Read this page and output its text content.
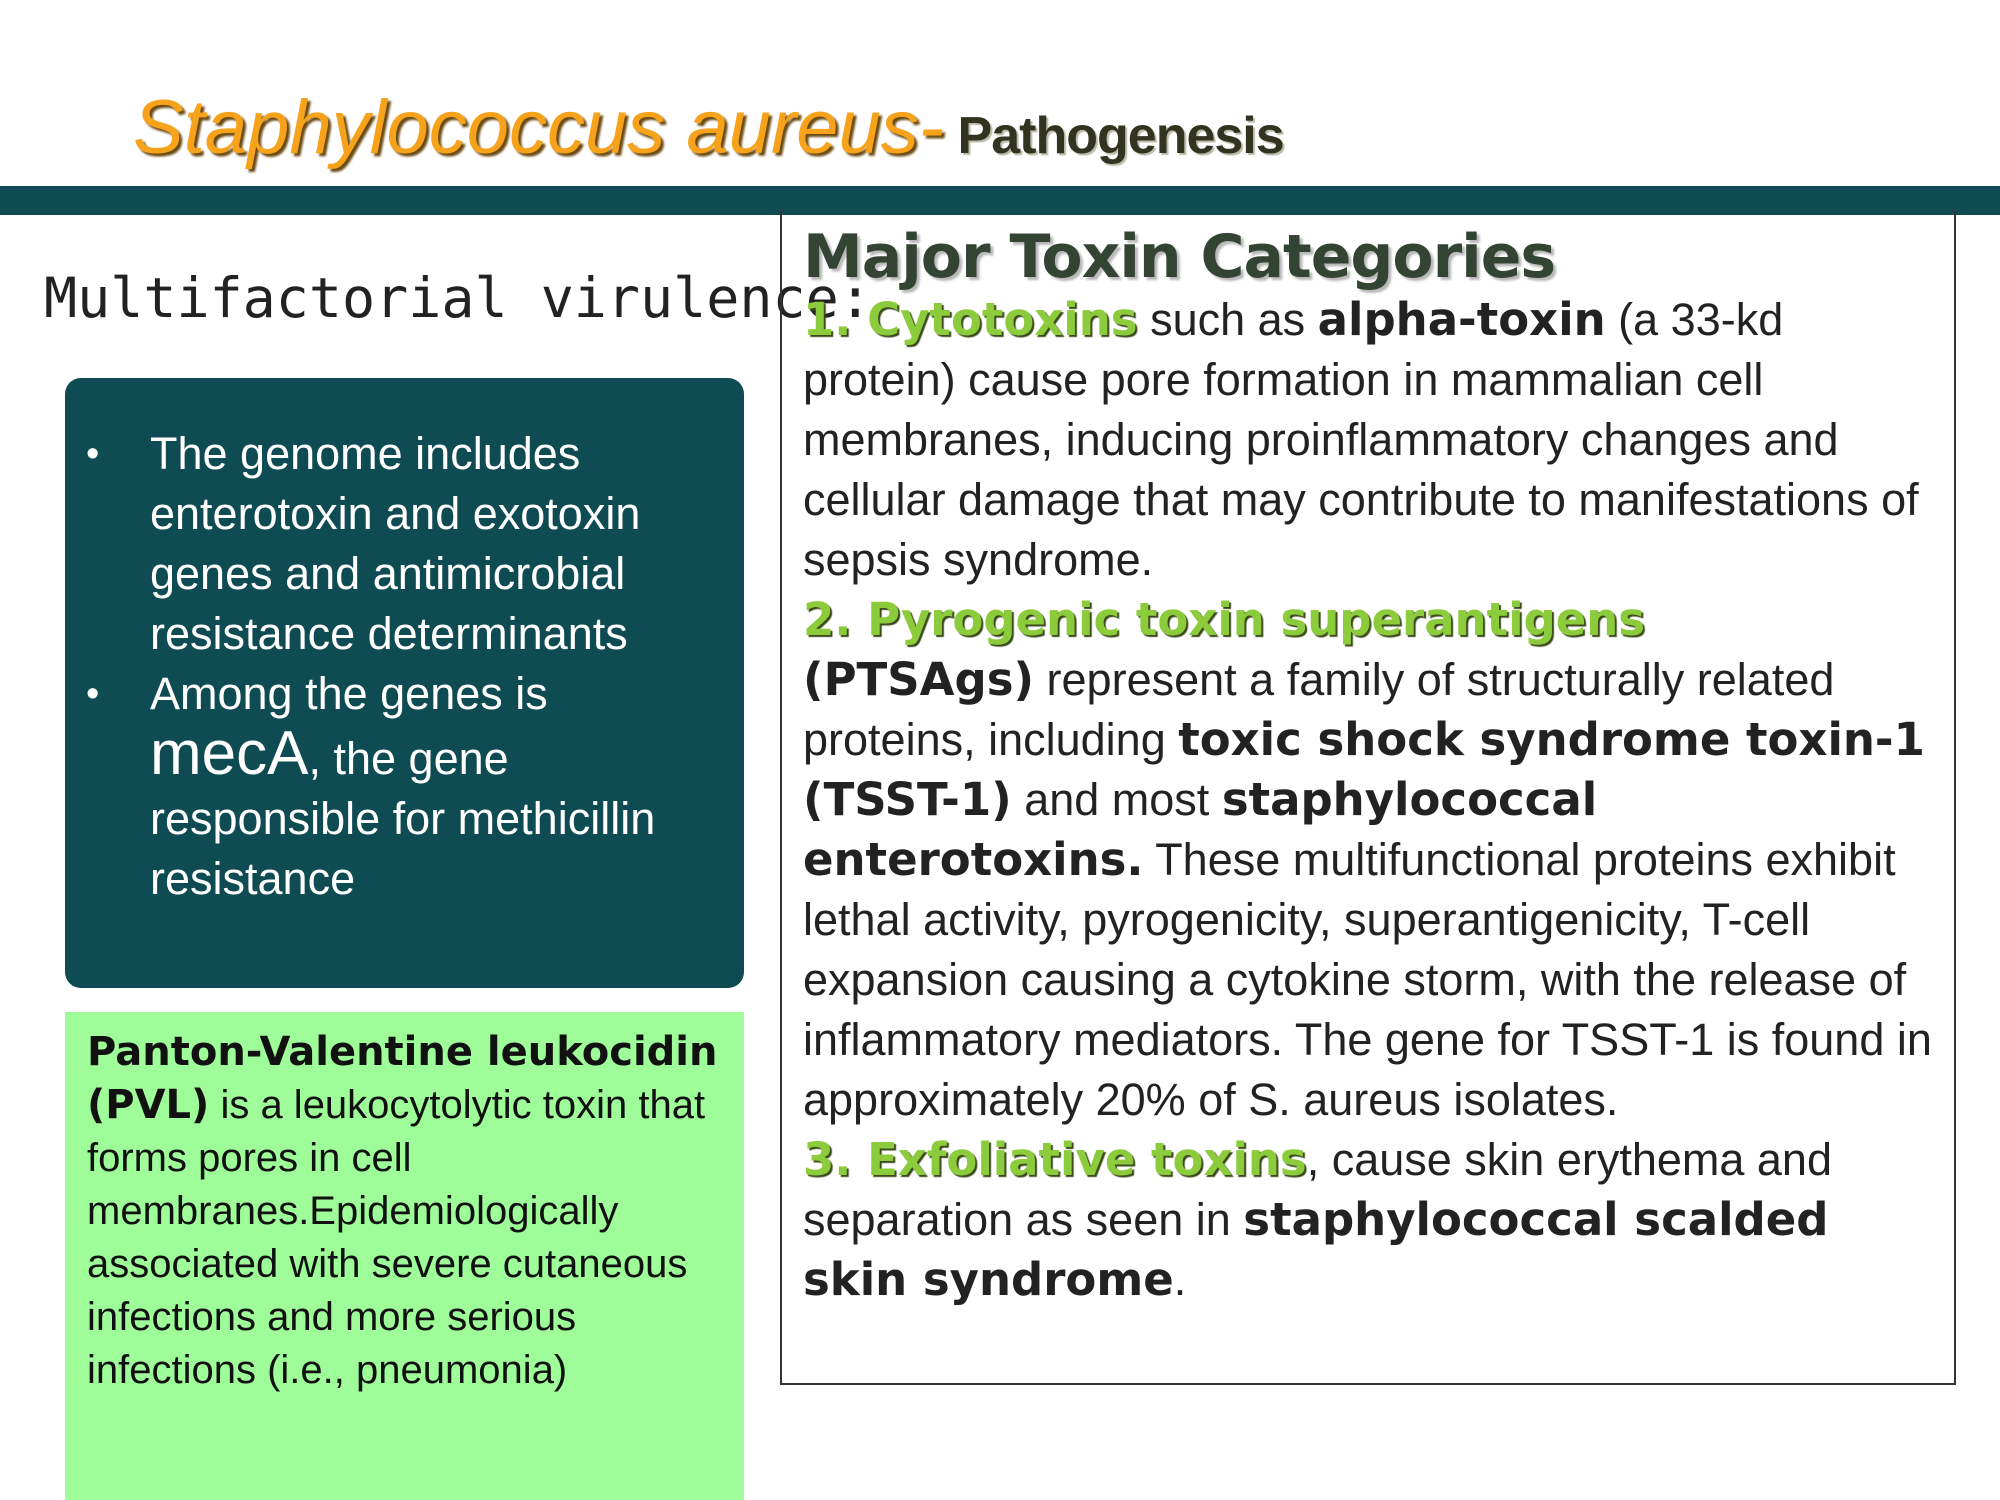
Staphylococcus aureus- Pathogenesis
Multifactorial virulence:
• The genome includes enterotoxin and exotoxin genes and antimicrobial resistance determinants
• Among the genes is mecA, the gene responsible for methicillin resistance
Panton-Valentine leukocidin (PVL) is a leukocytolytic toxin that forms pores in cell membranes.Epidemiologically associated with severe cutaneous infections and more serious infections (i.e., pneumonia)
Major Toxin Categories
1. Cytotoxins such as alpha-toxin (a 33-kd protein) cause pore formation in mammalian cell membranes, inducing proinflammatory changes and cellular damage that may contribute to manifestations of sepsis syndrome.
2. Pyrogenic toxin superantigens
(PTSAgs) represent a family of structurally related proteins, including toxic shock syndrome toxin-1 (TSST-1) and most staphylococcal enterotoxins. These multifunctional proteins exhibit lethal activity, pyrogenicity, superantigenicity, T-cell expansion causing a cytokine storm, with the release of inflammatory mediators. The gene for TSST-1 is found in approximately 20% of S. aureus isolates.
3. Exfoliative toxins, cause skin erythema and separation as seen in staphylococcal scalded skin syndrome.
